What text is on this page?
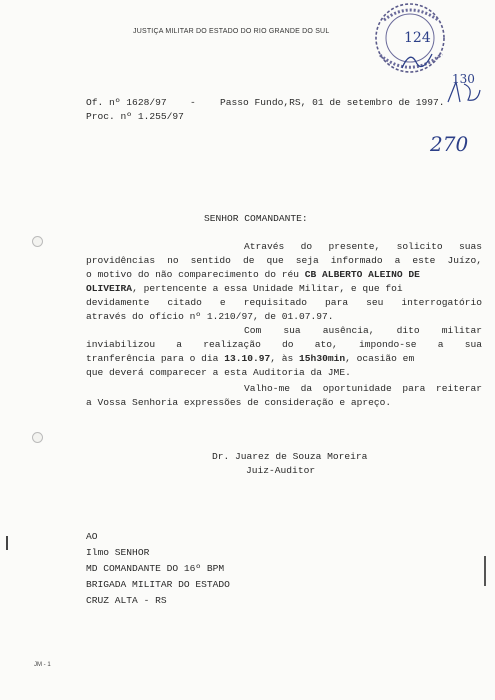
JUSTIÇA MILITAR DO ESTADO DO RIO GRANDE DO SUL	124
130
270
Of. nº 1628/97 -	Passo Fundo,RS, 01 de setembro de 1997.
Proc. nº 1.255/97
SENHOR COMANDANTE:
Através do presente, solicito suas
providências no sentido de que seja informado a este Juízo,
o motivo do não comparecimento do réu CB ALBERTO ALEINO DE
OLIVEIRA, pertencente a essa Unidade Militar, e que foi
devidamente citado e requisitado para seu interrogatório
através do ofício nº 1.210/97, de 01.07.97.
Com sua ausência, dito militar
inviabilizou a realização do ato, impondo-se a sua
tranferência para o dia 13.10.97, às 15h30min, ocasião em
que deverá comparecer a esta Auditoria da JME.
Valho-me da oportunidade para reiterar
a Vossa Senhoria expressões de consideração e apreço.
Dr. Juarez de Souza Moreira
Juiz-Auditor
AO
Ilmo SENHOR
MD COMANDANTE DO 16º BPM
BRIGADA MILITAR DO ESTADO
CRUZ ALTA - RS
JM - 1
